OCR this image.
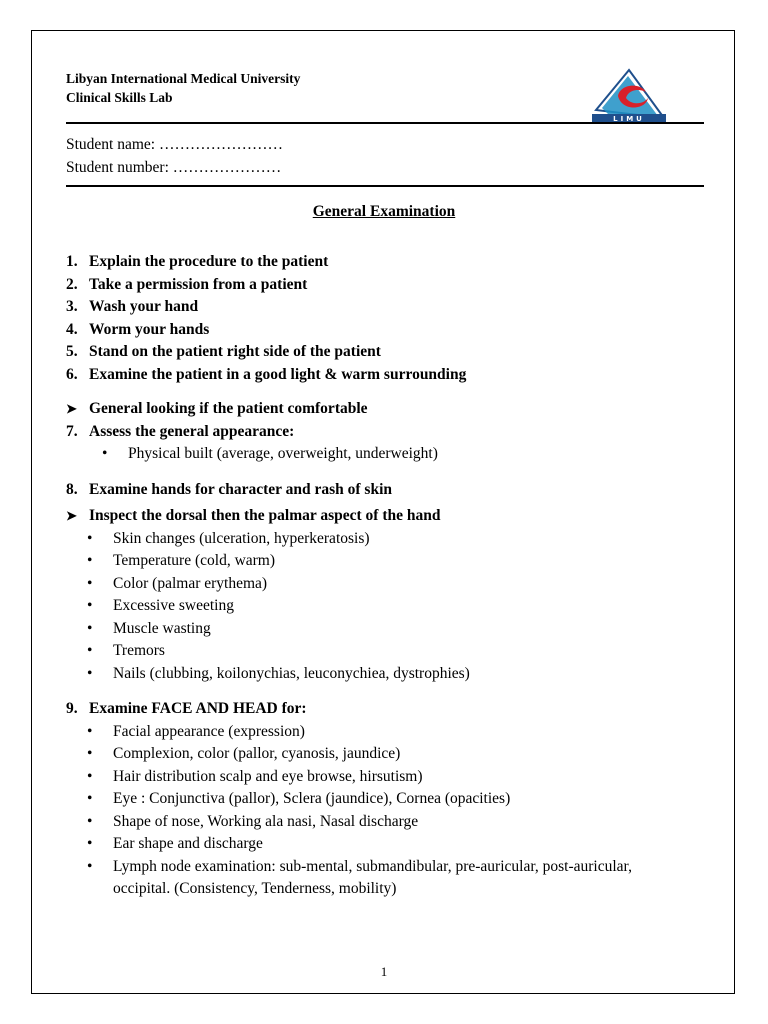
Libyan International Medical University
Clinical Skills Lab
LIMU
Student name: ……………………
Student number: …………………
General Examination
1. Explain the procedure to the patient
2. Take a permission from a patient
3. Wash your hand
4. Worm your hands
5. Stand on the patient right side of the patient
6. Examine the patient in a good light & warm surrounding
➤ General looking if the patient comfortable
7. Assess the general appearance:
•	Physical built (average, overweight, underweight)
8. Examine hands for character and rash of skin
➤ Inspect the dorsal then the palmar aspect of the hand
•	Skin changes (ulceration, hyperkeratosis)
•	Temperature (cold, warm)
•	Color (palmar erythema)
•	Excessive sweeting
•	Muscle wasting
•	Tremors
•	Nails (clubbing, koilonychias, leuconychiea, dystrophies)
9. Examine FACE AND HEAD for:
•	Facial appearance (expression)
•	Complexion, color (pallor, cyanosis, jaundice)
•	Hair distribution scalp and eye browse, hirsutism)
•	Eye : Conjunctiva (pallor), Sclera (jaundice), Cornea (opacities)
•	Shape of nose, Working ala nasi, Nasal discharge
•	Ear shape and discharge
•	Lymph node examination: sub-mental, submandibular, pre-auricular, post-auricular, occipital. (Consistency, Tenderness, mobility)
1
